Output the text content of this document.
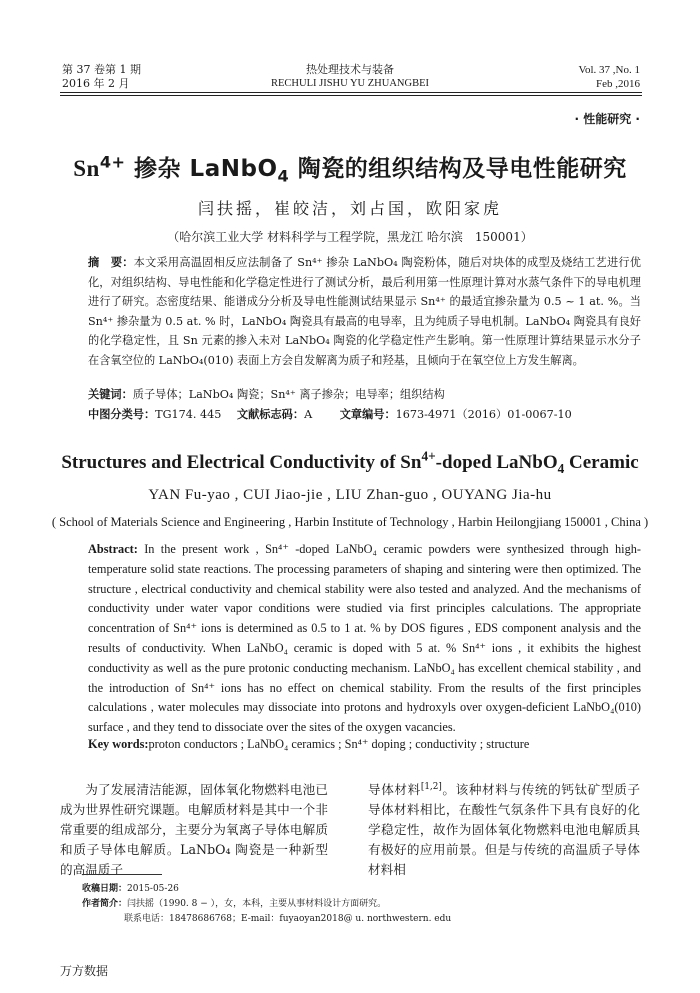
第 37 卷第 1 期
2016 年 2 月
热处理技术与装备
RECHULI JISHU YU ZHUANGBEI
Vol. 37 ,No. 1
Feb ,2016
· 性能研究 ·
$Sn^{4+}$ 掺杂 LaNbO$_4$ 陶瓷的组织结构及导电性能研究
闫扶摇，崔皎洁，刘占国，欧阳家虎
（哈尔滨工业大学 材料科学与工程学院，黑龙江 哈尔滨　150001）
摘　要：本文采用高温固相反应法制备了 Sn⁴⁺ 掺杂 LaNbO₄ 陶瓷粉体，随后对块体的成型及烧结工艺进行优化，对组织结构、导电性能和化学稳定性进行了测试分析，最后利用第一性原理计算对水蒸气条件下的导电机理进行了研究。态密度结果、能谱成分分析及导电性能测试结果显示 Sn⁴⁺ 的最适宜掺杂量为 0.5 ~ 1 at. %。当 Sn⁴⁺ 掺杂量为 0.5 at. % 时，LaNbO₄ 陶瓷具有最高的电导率，且为纯质子导电机制。LaNbO₄ 陶瓷具有良好的化学稳定性，且 Sn 元素的掺入未对 LaNbO₄ 陶瓷的化学稳定性产生影响。第一性原理计算结果显示水分子在含氧空位的 LaNbO₄(010) 表面上方会自发解离为质子和羟基，且倾向于在氧空位上方发生解离。
关键词：质子导体；LaNbO₄ 陶瓷；Sn⁴⁺ 离子掺杂；电导率；组织结构
中图分类号：TG174. 445 文献标志码：A 文章编号：1673-4971（2016）01-0067-10
Structures and Electrical Conductivity of $Sn^{4+}$-doped LaNbO$_4$ Ceramic
YAN Fu-yao , CUI Jiao-jie , LIU Zhan-guo , OUYANG Jia-hu
( School of Materials Science and Engineering , Harbin Institute of Technology , Harbin Heilongjiang 150001 , China )
Abstract: In the present work , Sn⁴⁺ -doped LaNbO₄ ceramic powders were synthesized through high-temperature solid state reactions. The processing parameters of shaping and sintering were then optimized. The structure , electrical conductivity and chemical stability were also tested and analyzed. And the mechanisms of conductivity under water vapor conditions were studied via first principles calculations. The appropriate concentration of Sn⁴⁺ ions is determined as 0.5 to 1 at. % by DOS figures , EDS component analysis and the results of conductivity. When LaNbO₄ ceramic is doped with 5 at. % Sn⁴⁺ ions , it exhibits the highest conductivity as well as the pure protonic conducting mechanism. LaNbO₄ has excellent chemical stability , and the introduction of Sn⁴⁺ ions has no effect on chemical stability. From the results of the first principles calculations , water molecules may dissociate into protons and hydroxyls over oxygen-deficient LaNbO₄(010) surface , and they tend to dissociate over the sites of the oxygen vacancies.
Key words:proton conductors ; LaNbO₄ ceramics ; Sn⁴⁺ doping ; conductivity ; structure
为了发展清洁能源，固体氧化物燃料电池已成为世界性研究课题。电解质材料是其中一个非常重要的组成部分，主要分为氧离子导体电解质和质子导体电解质。LaNbO₄ 陶瓷是一种新型的高温质子
导体材料[1,2]。该种材料与传统的钙钛矿型质子导体材料相比，在酸性气氛条件下具有良好的化学稳定性，故作为固体氧化物燃料电池电解质具有极好的应用前景。但是与传统的高温质子导体材料相
收稿日期：2015-05-26
作者简介：闫扶摇（1990. 8 − ），女，本科，主要从事材料设计方面研究。
联系电话：18478686768；E-mail：fuyaoyan2018@ u. northwestern. edu
万方数据
